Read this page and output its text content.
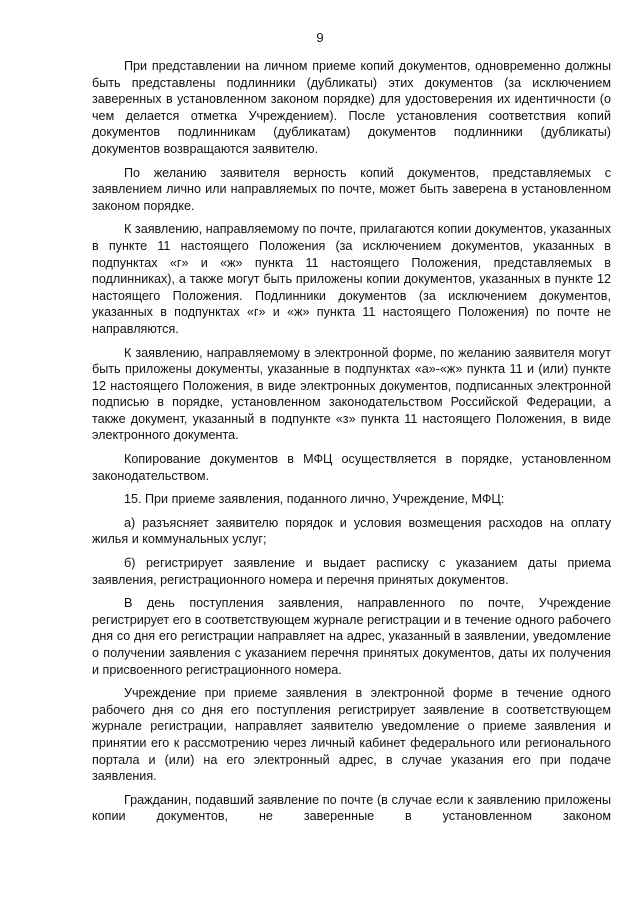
9

При представлении на личном приеме копий документов, одновременно должны быть представлены подлинники (дубликаты) этих документов (за исключением заверенных в установленном законом порядке) для удостоверения их идентичности (о чем делается отметка Учреждением). После установления соответствия копий документов подлинникам (дубликатам) документов подлинники (дубликаты) документов возвращаются заявителю.

По желанию заявителя верность копий документов, представляемых с заявлением лично или направляемых по почте, может быть заверена в установленном законом порядке.

К заявлению, направляемому по почте, прилагаются копии документов, указанных в пункте 11 настоящего Положения (за исключением документов, указанных в подпунктах «г» и «ж» пункта 11 настоящего Положения, представляемых в подлинниках), а также могут быть приложены копии документов, указанных в пункте 12 настоящего Положения. Подлинники документов (за исключением документов, указанных в подпунктах «г» и «ж» пункта 11 настоящего Положения) по почте не направляются.

К заявлению, направляемому в электронной форме, по желанию заявителя могут быть приложены документы, указанные в подпунктах «а»-«ж» пункта 11 и (или) пункте 12 настоящего Положения, в виде электронных документов, подписанных электронной подписью в порядке, установленном законодательством Российской Федерации, а также документ, указанный в подпункте «з» пункта 11 настоящего Положения, в виде электронного документа.

Копирование документов в МФЦ осуществляется в порядке, установленном законодательством.

15. При приеме заявления, поданного лично, Учреждение, МФЦ:

а) разъясняет заявителю порядок и условия возмещения расходов на оплату жилья и коммунальных услуг;

б) регистрирует заявление и выдает расписку с указанием даты приема заявления, регистрационного номера и перечня принятых документов.

В день поступления заявления, направленного по почте, Учреждение регистрирует его в соответствующем журнале регистрации и в течение одного рабочего дня со дня его регистрации направляет на адрес, указанный в заявлении, уведомление о получении заявления с указанием перечня принятых документов, даты их получения и присвоенного регистрационного номера.

Учреждение при приеме заявления в электронной форме в течение одного рабочего дня со дня его поступления регистрирует заявление в соответствующем журнале регистрации, направляет заявителю уведомление о приеме заявления и принятии его к рассмотрению через личный кабинет федерального или регионального портала и (или) на его электронный адрес, в случае указания его при подаче заявления.

Гражданин, подавший заявление по почте (в случае если к заявлению приложены копии документов, не заверенные в установленном законом
